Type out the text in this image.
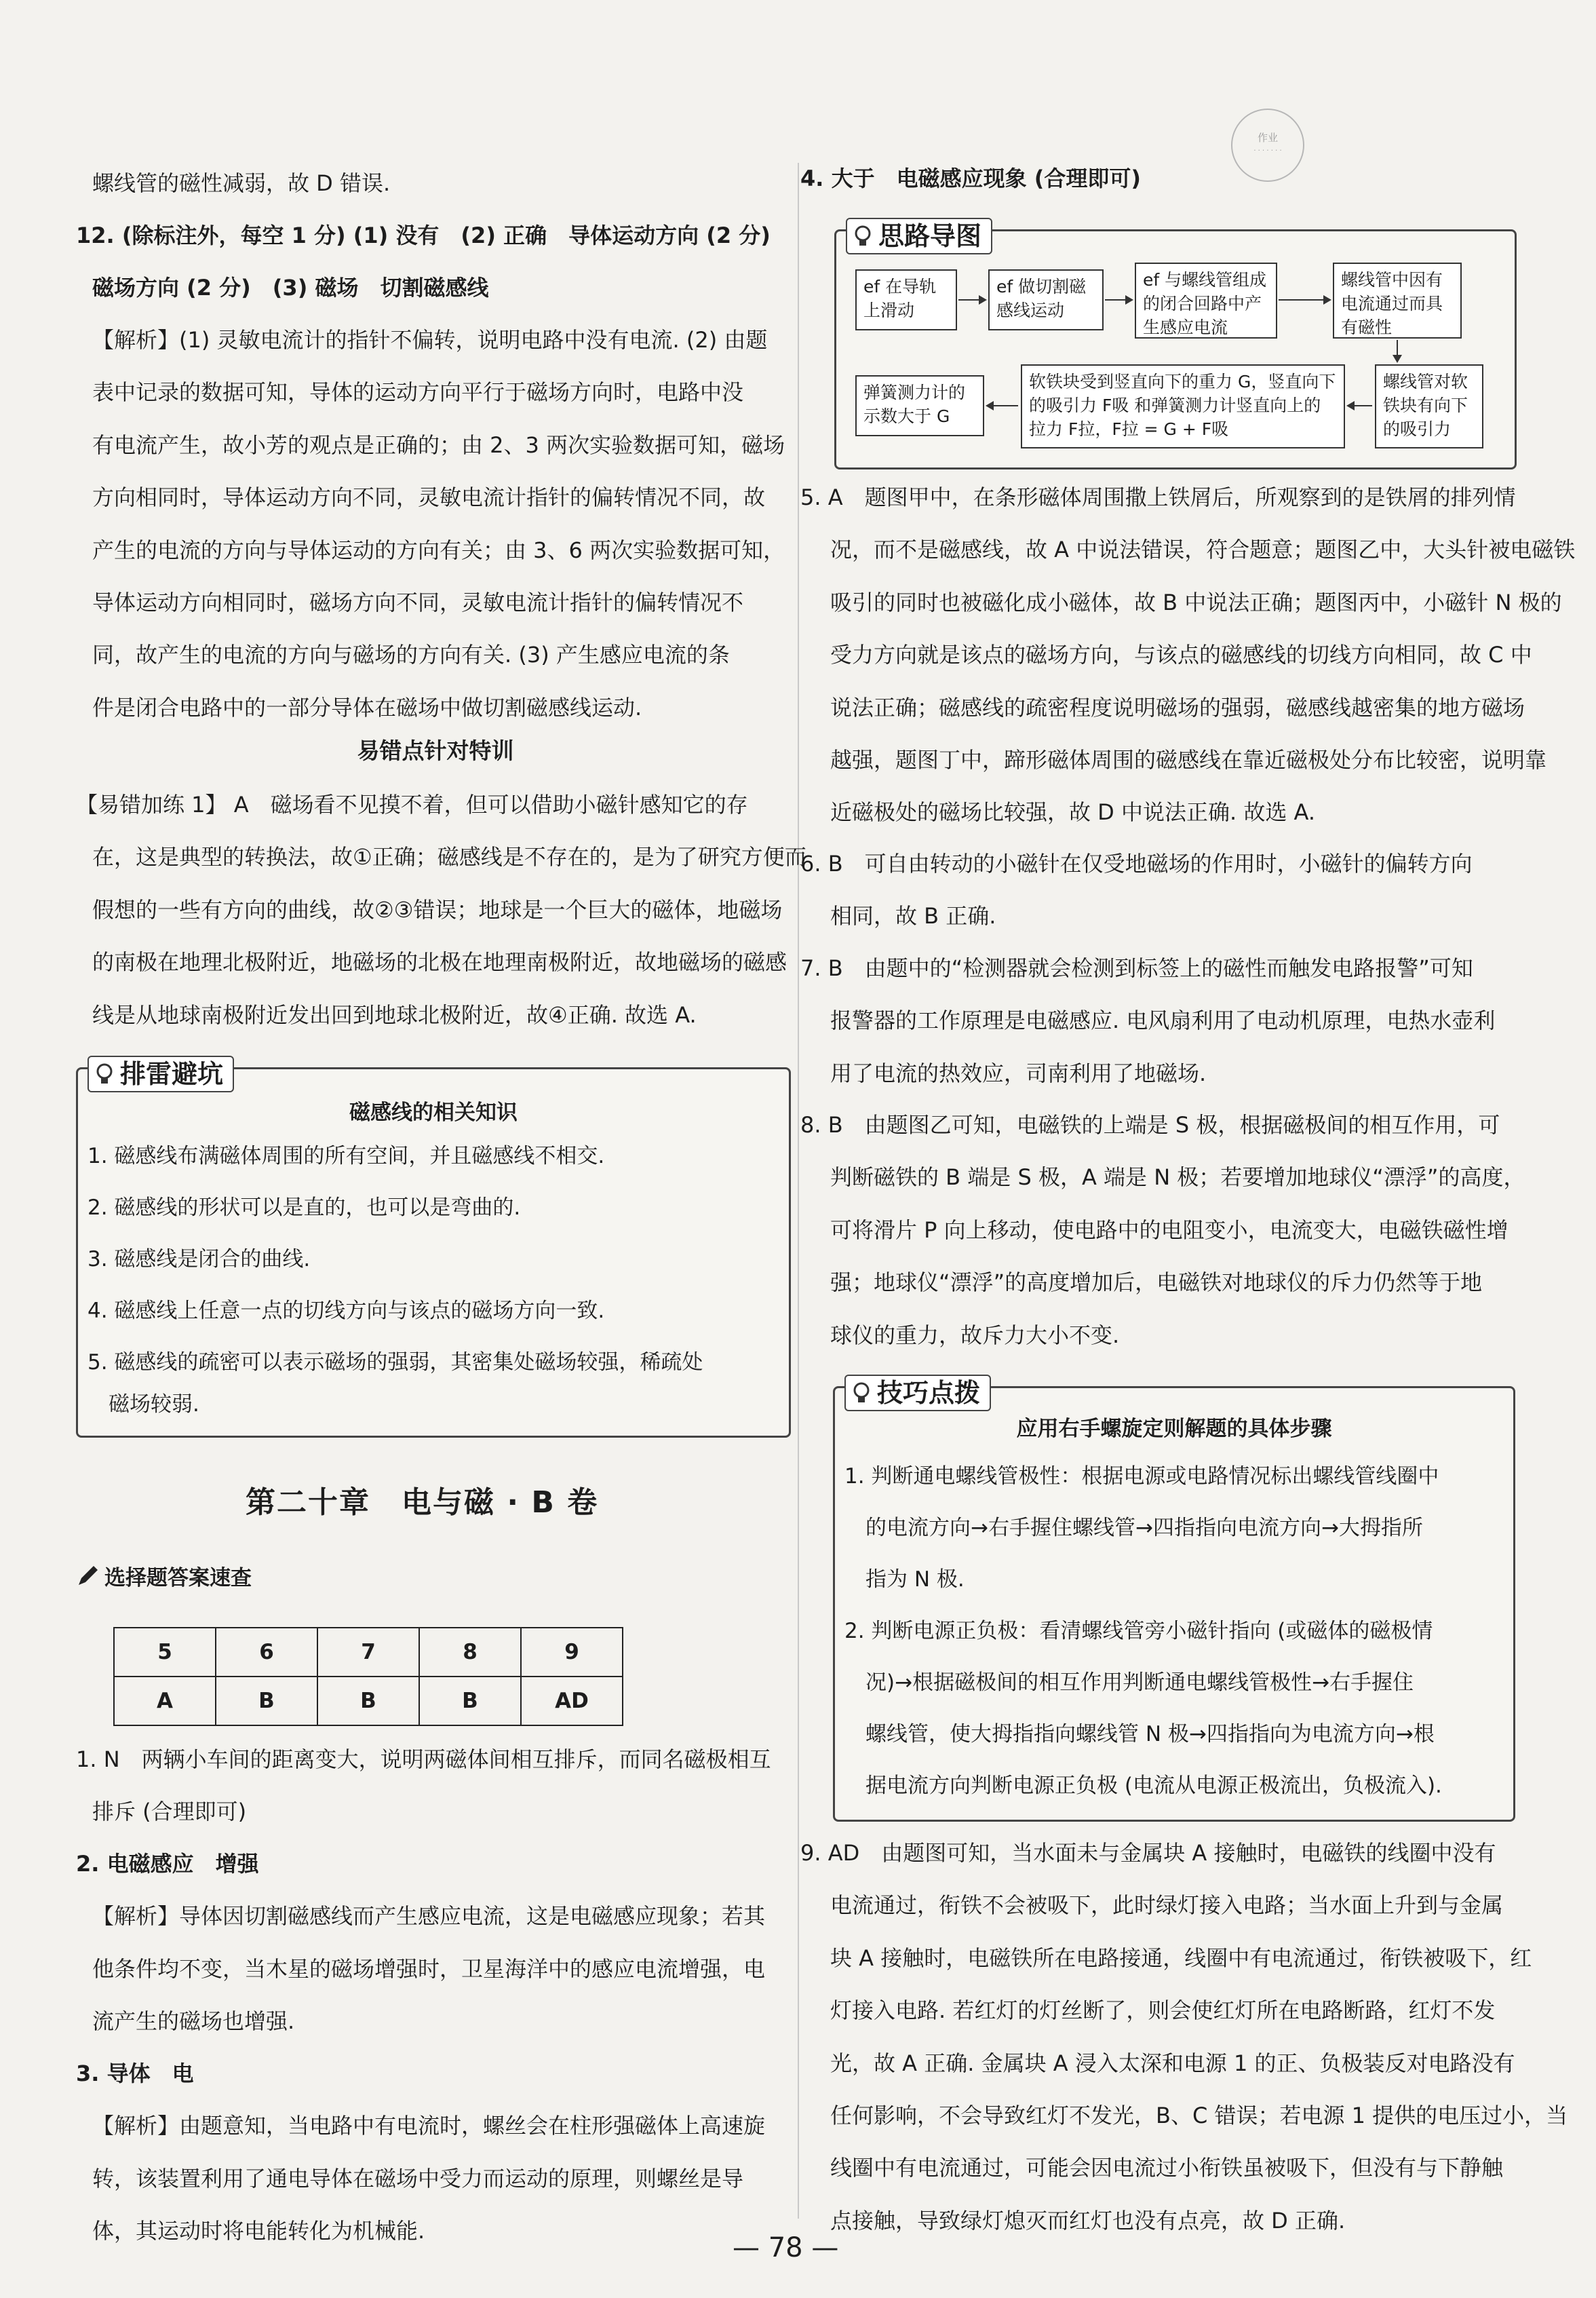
作业
· · · · · · ·
螺线管的磁性减弱，故 D 错误.
12. (除标注外，每空 1 分) (1) 没有　(2) 正确　导体运动方向 (2 分)
磁场方向 (2 分)　(3) 磁场　切割磁感线
【解析】(1) 灵敏电流计的指针不偏转，说明电路中没有电流. (2) 由题
表中记录的数据可知，导体的运动方向平行于磁场方向时，电路中没
有电流产生，故小芳的观点是正确的；由 2、3 两次实验数据可知，磁场
方向相同时，导体运动方向不同，灵敏电流计指针的偏转情况不同，故
产生的电流的方向与导体运动的方向有关；由 3、6 两次实验数据可知，
导体运动方向相同时，磁场方向不同，灵敏电流计指针的偏转情况不
同，故产生的电流的方向与磁场的方向有关. (3) 产生感应电流的条
件是闭合电路中的一部分导体在磁场中做切割磁感线运动.
易错点针对特训
【易错加练 1】 A　磁场看不见摸不着，但可以借助小磁针感知它的存
在，这是典型的转换法，故①正确；磁感线是不存在的，是为了研究方便而
假想的一些有方向的曲线，故②③错误；地球是一个巨大的磁体，地磁场
的南极在地理北极附近，地磁场的北极在地理南极附近，故地磁场的磁感
线是从地球南极附近发出回到地球北极附近，故④正确. 故选 A.
排雷避坑
磁感线的相关知识
1. 磁感线布满磁体周围的所有空间，并且磁感线不相交.
2. 磁感线的形状可以是直的，也可以是弯曲的.
3. 磁感线是闭合的曲线.
4. 磁感线上任意一点的切线方向与该点的磁场方向一致.
5. 磁感线的疏密可以表示磁场的强弱，其密集处磁场较强，稀疏处
　磁场较弱.
第二十章　电与磁 · B 卷
选择题答案速查
5	6	7	8	9
A	B	B	B	AD
1. N　两辆小车间的距离变大，说明两磁体间相互排斥，而同名磁极相互
排斥 (合理即可)
2. 电磁感应　增强
【解析】导体因切割磁感线而产生感应电流，这是电磁感应现象；若其
他条件均不变，当木星的磁场增强时，卫星海洋中的感应电流增强，电
流产生的磁场也增强.
3. 导体　电
【解析】由题意知，当电路中有电流时，螺丝会在柱形强磁体上高速旋
转，该装置利用了通电导体在磁场中受力而运动的原理，则螺丝是导
体，其运动时将电能转化为机械能.
4. 大于　电磁感应现象 (合理即可)
思路导图
ef 在导轨上滑动
ef 做切割磁感线运动
ef 与螺线管组成的闭合回路中产生感应电流
螺线管中因有电流通过而具有磁性
弹簧测力计的示数大于 G
软铁块受到竖直向下的重力 G，竖直向下的吸引力 F吸 和弹簧测力计竖直向上的拉力 F拉，F拉 = G + F吸
螺线管对软铁块有向下的吸引力
5. A　题图甲中，在条形磁体周围撒上铁屑后，所观察到的是铁屑的排列情
况，而不是磁感线，故 A 中说法错误，符合题意；题图乙中，大头针被电磁铁
吸引的同时也被磁化成小磁体，故 B 中说法正确；题图丙中，小磁针 N 极的
受力方向就是该点的磁场方向，与该点的磁感线的切线方向相同，故 C 中
说法正确；磁感线的疏密程度说明磁场的强弱，磁感线越密集的地方磁场
越强，题图丁中，蹄形磁体周围的磁感线在靠近磁极处分布比较密，说明靠
近磁极处的磁场比较强，故 D 中说法正确. 故选 A.
6. B　可自由转动的小磁针在仅受地磁场的作用时，小磁针的偏转方向
相同，故 B 正确.
7. B　由题中的“检测器就会检测到标签上的磁性而触发电路报警”可知
报警器的工作原理是电磁感应. 电风扇利用了电动机原理，电热水壶利
用了电流的热效应，司南利用了地磁场.
8. B　由题图乙可知，电磁铁的上端是 S 极，根据磁极间的相互作用，可
判断磁铁的 B 端是 S 极，A 端是 N 极；若要增加地球仪“漂浮”的高度，
可将滑片 P 向上移动，使电路中的电阻变小，电流变大，电磁铁磁性增
强；地球仪“漂浮”的高度增加后，电磁铁对地球仪的斥力仍然等于地
球仪的重力，故斥力大小不变.
技巧点拨
应用右手螺旋定则解题的具体步骤
1. 判断通电螺线管极性：根据电源或电路情况标出螺线管线圈中
　的电流方向→右手握住螺线管→四指指向电流方向→大拇指所
　指为 N 极.
2. 判断电源正负极：看清螺线管旁小磁针指向 (或磁体的磁极情
　况)→根据磁极间的相互作用判断通电螺线管极性→右手握住
　螺线管，使大拇指指向螺线管 N 极→四指指向为电流方向→根
　据电流方向判断电源正负极 (电流从电源正极流出，负极流入).
9. AD　由题图可知，当水面未与金属块 A 接触时，电磁铁的线圈中没有
电流通过，衔铁不会被吸下，此时绿灯接入电路；当水面上升到与金属
块 A 接触时，电磁铁所在电路接通，线圈中有电流通过，衔铁被吸下，红
灯接入电路. 若红灯的灯丝断了，则会使红灯所在电路断路，红灯不发
光，故 A 正确. 金属块 A 浸入太深和电源 1 的正、负极装反对电路没有
任何影响，不会导致红灯不发光，B、C 错误；若电源 1 提供的电压过小，当
线圈中有电流通过，可能会因电流过小衔铁虽被吸下，但没有与下静触
点接触，导致绿灯熄灭而红灯也没有点亮，故 D 正确.
— 78 —
